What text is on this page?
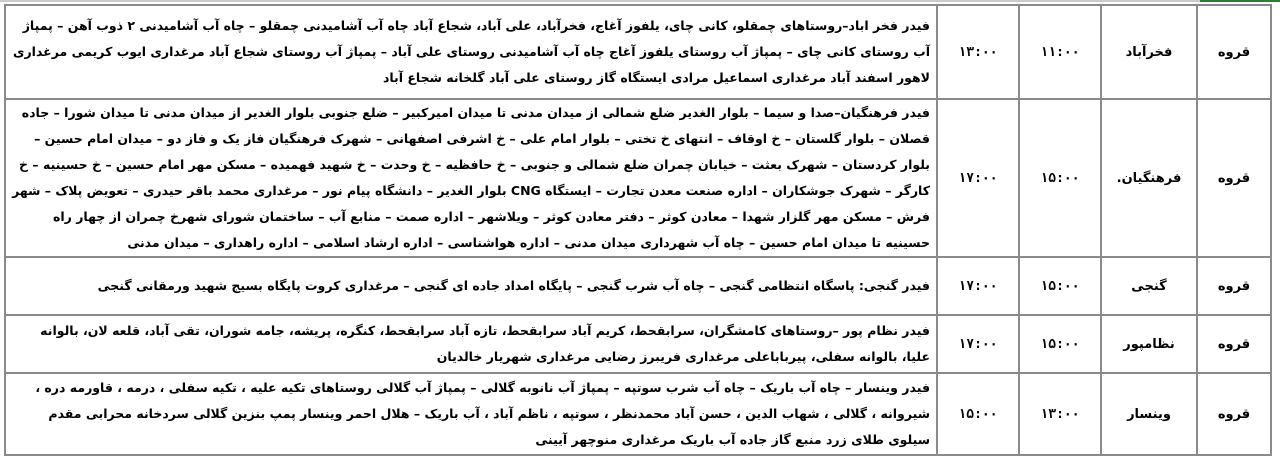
قروه	فخرآباد	۱۱:۰۰	۱۳:۰۰	فیدر فخر اباد–روستاهای چمقلو، کانی چای، یلفوز آغاج، فخرآباد، علی آباد، شجاع آباد چاه آب آشامیدنی چمقلو – چاه آب آشامیدنی ۲ ذوب آهن – پمپاژ آب روستای کانی چای – پمپاژ آب روستای یلفوز آغاج چاه آب آشامیدنی روستای علی آباد – پمپاژ آب روستای شجاع آباد مرغداری ایوب کریمی مرغداری لاهور اسفند آباد مرغداری اسماعیل مرادی ایستگاه گاز روستای علی آباد گلخانه شجاع آباد
قروه	فرهنگیان.	۱۵:۰۰	۱۷:۰۰	فیدر فرهنگیان–صدا و سیما – بلوار الغدیر ضلع شمالی از میدان مدنی تا میدان امیرکبیر – ضلع جنوبی بلوار الغدیر از میدان مدنی تا میدان شورا – جاده قصلان – بلوار گلستان – خ اوقاف – انتهای خ تختی – بلوار امام علی – خ اشرفی اصفهانی – شهرک فرهنگیان فاز یک و فاز دو – میدان امام حسین – بلوار کردستان – شهرک بعثت – خیابان چمران ضلع شمالی و جنوبی – خ حافظیه – خ وحدت – خ شهید فهمیده – مسکن مهر امام حسین – خ حسینیه – خ کارگر – شهرک جوشکاران – اداره صنعت معدن تجارت – ایستگاه CNG بلوار الغدیر – دانشگاه پیام نور – مرغداری محمد باقر حیدری – تعویض پلاک – شهر فرش – مسکن مهر گلزار شهدا – معادن کوثر – دفتر معادن کوثر – ویلاشهر – اداره صمت – منابع آب – ساختمان شورای شهرخ چمران از چهار راه حسینیه تا میدان امام حسین – چاه آب شهرداری میدان مدنی – اداره هواشناسی – اداره ارشاد اسلامی – اداره راهداری – میدان مدنی
قروه	گنجی	۱۵:۰۰	۱۷:۰۰	فیدر گنجی: پاسگاه انتظامی گنجی – چاه آب شرب گنجی – پایگاه امداد جاده ای گنجی – مرغداری کروت پایگاه بسیج شهید ورمقانی گنجی
قروه	نظامپور	۱۵:۰۰	۱۷:۰۰	فیدر نظام پور –روستاهای کامشگران، سرابقحط، کریم آباد سرابقحط، تازه آباد سرابقحط، کنگره، پریشه، جامه شوران، تقی آباد، قلعه لان، بالوانه علیا، بالوانه سفلی، پیربابا‌علی مرغداری فریبرز رضایی مرغداری شهریار خالدیان
قروه	وینسار	۱۳:۰۰	۱۵:۰۰	فیدر وینسار – چاه آب باریک – چاه آب شرب سوتپه – پمپاژ آب نانوبه گلالی – پمپاژ آب گلالی روستاهای تکیه علیه ، تکیه سفلی ، درمه ، قاورمه دره ، شیروانه ، گلالی ، شهاب الدین ، حسن آباد محمدنظر ، سوتپه ، ناظم آباد ، آب باریک – هلال احمر وینسار پمپ بنزین گلالی سردخانه محرابی مقدم سیلوی طلای زرد منبع گاز جاده آب باریک مرغداری منوچهر آیینی
